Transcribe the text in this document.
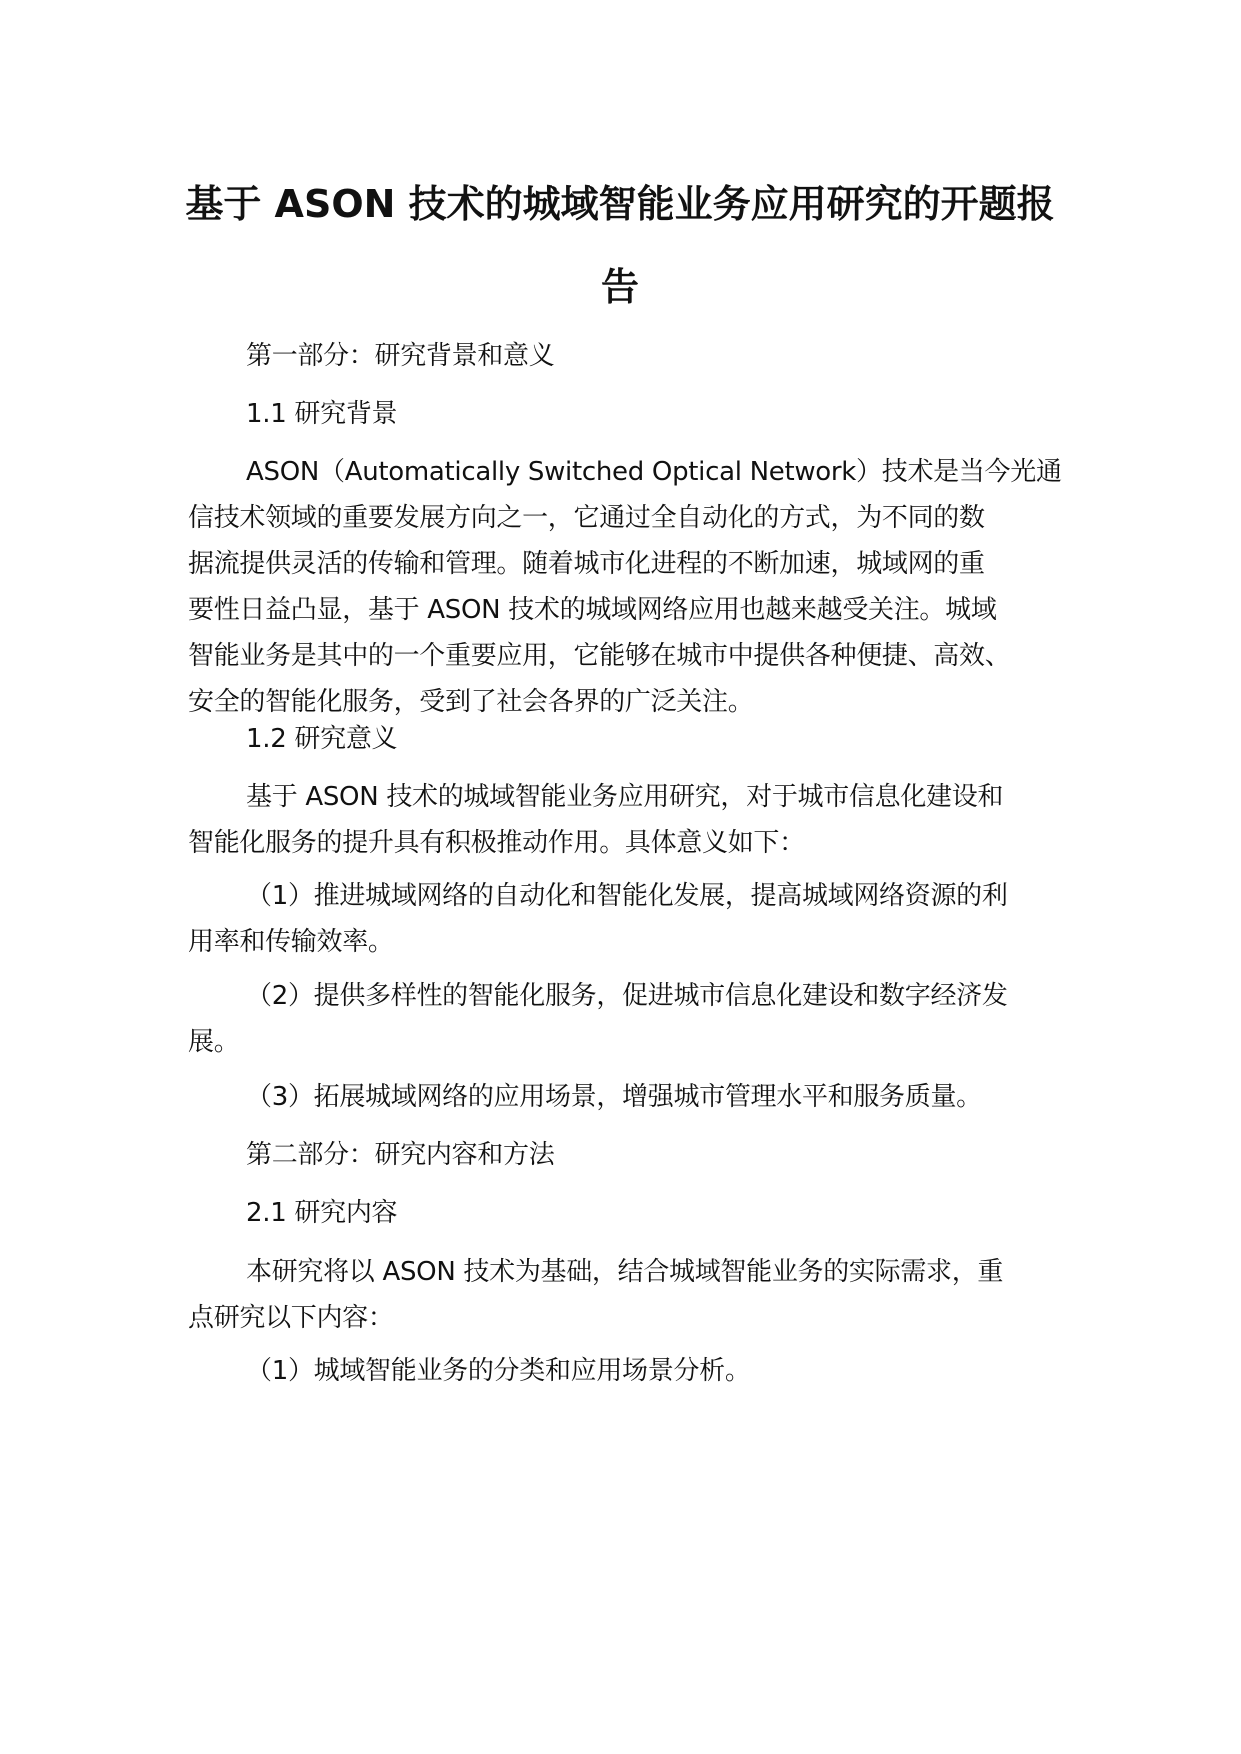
基于 ASON 技术的城域智能业务应用研究的开题报
告

第一部分：研究背景和意义

1.1 研究背景

ASON（Automatically Switched Optical Network）技术是当今光通
信技术领域的重要发展方向之一，它通过全自动化的方式，为不同的数
据流提供灵活的传输和管理。随着城市化进程的不断加速，城域网的重
要性日益凸显，基于 ASON 技术的城域网络应用也越来越受关注。城域
智能业务是其中的一个重要应用，它能够在城市中提供各种便捷、高效、
安全的智能化服务，受到了社会各界的广泛关注。

1.2 研究意义

基于 ASON 技术的城域智能业务应用研究，对于城市信息化建设和
智能化服务的提升具有积极推动作用。具体意义如下：

（1）推进城域网络的自动化和智能化发展，提高城域网络资源的利
用率和传输效率。

（2）提供多样性的智能化服务，促进城市信息化建设和数字经济发
展。

（3）拓展城域网络的应用场景，增强城市管理水平和服务质量。

第二部分：研究内容和方法

2.1 研究内容

本研究将以 ASON 技术为基础，结合城域智能业务的实际需求，重
点研究以下内容：

（1）城域智能业务的分类和应用场景分析。
